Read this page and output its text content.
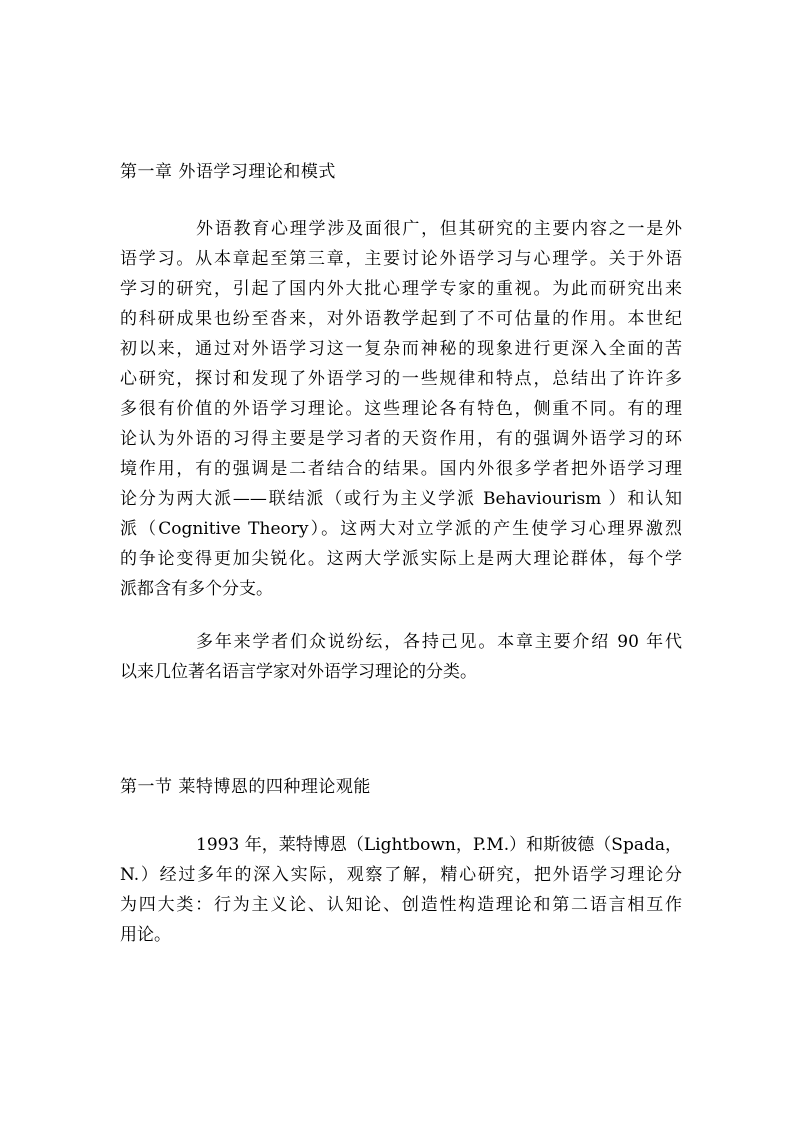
第一章 外语学习理论和模式
外语教育心理学涉及面很广，但其研究的主要内容之一是外
语学习。从本章起至第三章，主要讨论外语学习与心理学。关于外语
学习的研究，引起了国内外大批心理学专家的重视。为此而研究出来
的科研成果也纷至沓来，对外语教学起到了不可估量的作用。本世纪
初以来，通过对外语学习这一复杂而神秘的现象进行更深入全面的苦
心研究，探讨和发现了外语学习的一些规律和特点，总结出了许许多
多很有价值的外语学习理论。这些理论各有特色，侧重不同。有的理
论认为外语的习得主要是学习者的天资作用，有的强调外语学习的环
境作用，有的强调是二者结合的结果。国内外很多学者把外语学习理
论分为两大派——联结派（或行为主义学派 Behaviourism ）和认知
派（Cognitive Theory）。这两大对立学派的产生使学习心理界激烈
的争论变得更加尖锐化。这两大学派实际上是两大理论群体，每个学
派都含有多个分支。
多年来学者们众说纷纭，各持己见。本章主要介绍 90 年代
以来几位著名语言学家对外语学习理论的分类。
第一节 莱特博恩的四种理论观能
1993 年，莱特博恩（Lightbown，P.M.）和斯彼德（Spada，
N.）经过多年的深入实际，观察了解，精心研究，把外语学习理论分
为四大类：行为主义论、认知论、创造性构造理论和第二语言相互作
用论。
